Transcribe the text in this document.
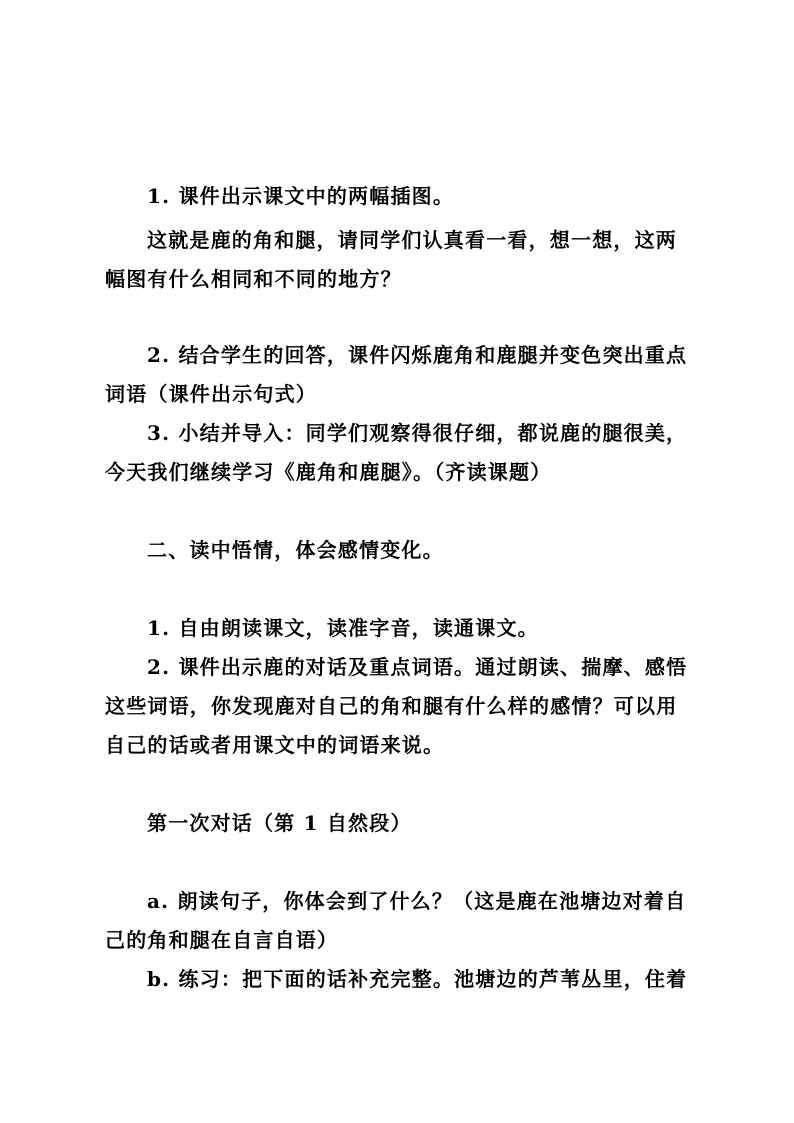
1. 课件出示课文中的两幅插图。
这就是鹿的角和腿，请同学们认真看一看，想一想，这两
幅图有什么相同和不同的地方？
2. 结合学生的回答，课件闪烁鹿角和鹿腿并变色突出重点
词语（课件出示句式）
3. 小结并导入：同学们观察得很仔细，都说鹿的腿很美，
今天我们继续学习《鹿角和鹿腿》。（齐读课题）
二、读中悟情，体会感情变化。
1. 自由朗读课文，读准字音，读通课文。
2. 课件出示鹿的对话及重点词语。通过朗读、揣摩、感悟
这些词语，你发现鹿对自己的角和腿有什么样的感情？可以用
自己的话或者用课文中的词语来说。
第一次对话（第 1 自然段）
a. 朗读句子，你体会到了什么？（这是鹿在池塘边对着自
己的角和腿在自言自语）
b. 练习：把下面的话补充完整。池塘边的芦苇丛里，住着
